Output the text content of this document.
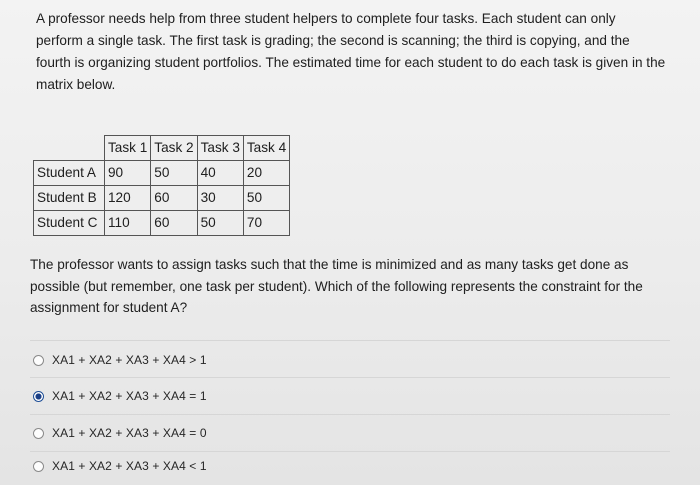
A professor needs help from three student helpers to complete four tasks. Each student can only perform a single task. The first task is grading; the second is scanning; the third is copying, and the fourth is organizing student portfolios. The estimated time for each student to do each task is given in the matrix below.

	Task 1	Task 2	Task 3	Task 4
Student A	90	50	40	20
Student B	120	60	30	50
Student C	110	60	50	70

The professor wants to assign tasks such that the time is minimized and as many tasks get done as possible (but remember, one task per student). Which of the following represents the constraint for the assignment for student A?

XA1 + XA2 + XA3 + XA4 > 1
XA1 + XA2 + XA3 + XA4 = 1
XA1 + XA2 + XA3 + XA4 = 0
XA1 + XA2 + XA3 + XA4 < 1
